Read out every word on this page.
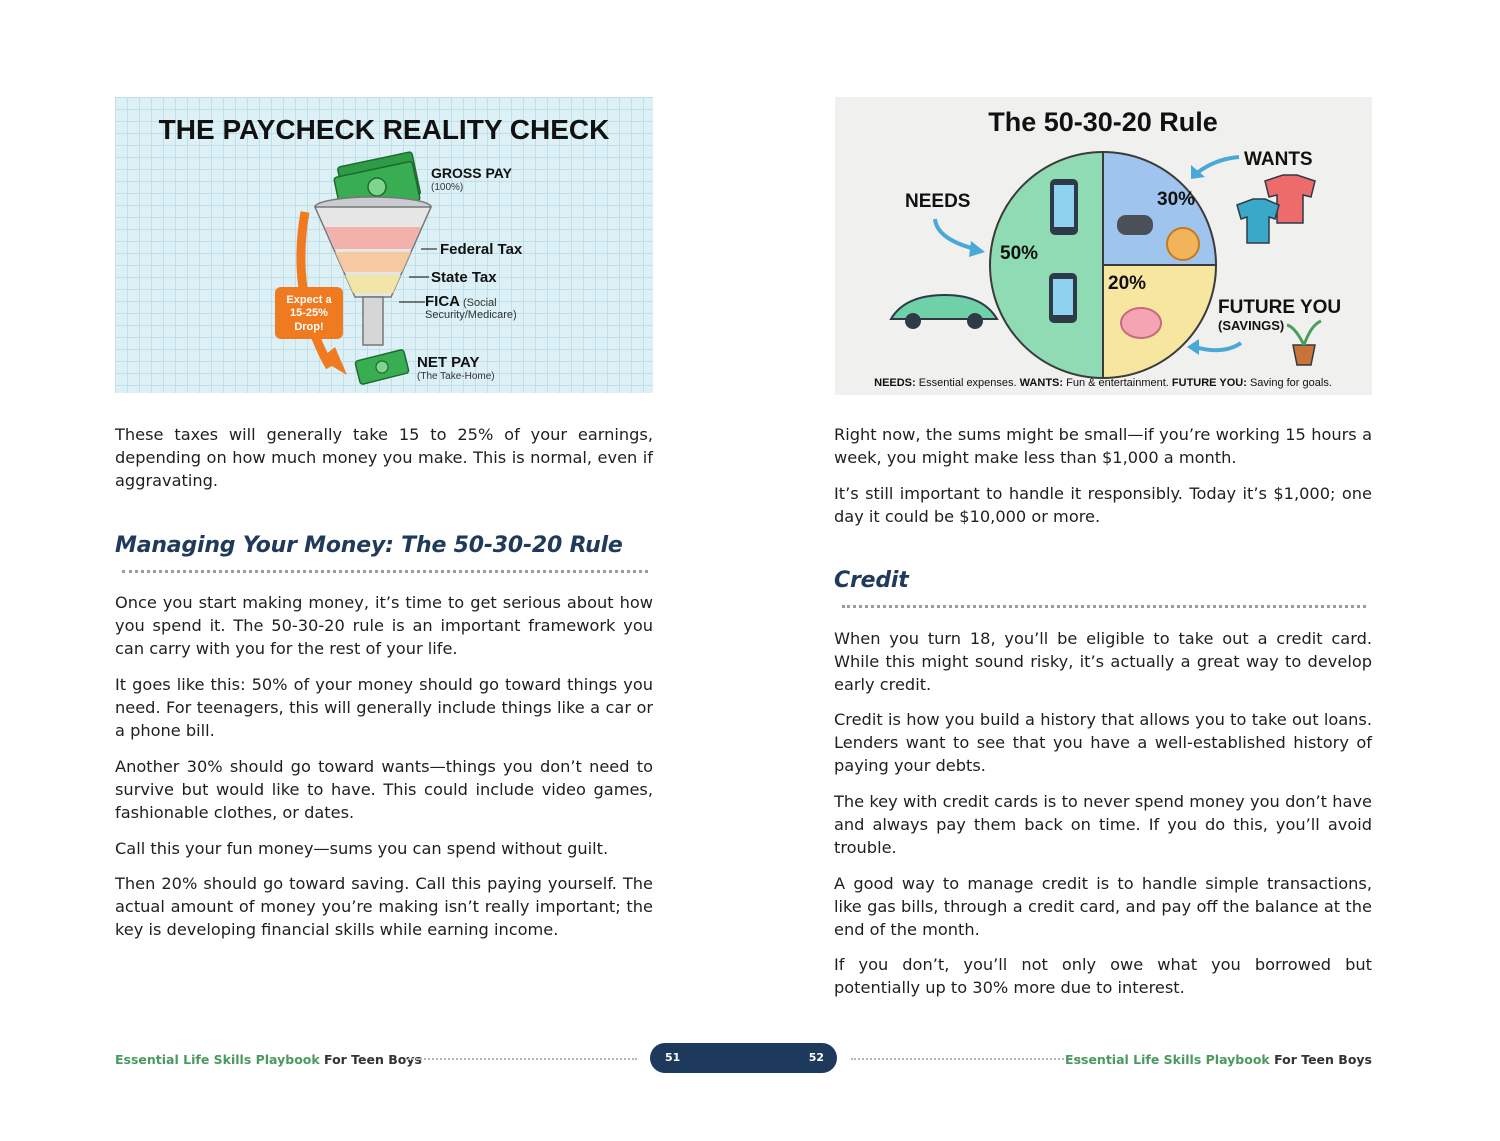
THE PAYCHECK REALITY CHECK
GROSS PAY
(100%)
Federal Tax
State Tax
FICA (Social
Security/Medicare)
Expect a
15-25%
Drop!
NET PAY
(The Take-Home)

These taxes will generally take 15 to 25% of your earnings, depending on how much money you make. This is normal, even if aggravating.

Managing Your Money: The 50-30-20 Rule

Once you start making money, it’s time to get serious about how you spend it. The 50-30-20 rule is an important framework you can carry with you for the rest of your life.

It goes like this: 50% of your money should go toward things you need. For teenagers, this will generally include things like a car or a phone bill.

Another 30% should go toward wants—things you don’t need to survive but would like to have. This could include video games, fashionable clothes, or dates.

Call this your fun money—sums you can spend without guilt.

Then 20% should go toward saving. Call this paying yourself. The actual amount of money you’re making isn’t really important; the key is developing financial skills while earning income.

The 50-30-20 Rule
50%
30%
20%
NEEDS
WANTS
FUTURE YOU
(SAVINGS)
NEEDS: Essential expenses. WANTS: Fun & entertainment. FUTURE YOU: Saving for goals.

Right now, the sums might be small—if you’re working 15 hours a week, you might make less than $1,000 a month.

It’s still important to handle it responsibly. Today it’s $1,000; one day it could be $10,000 or more.

Credit

When you turn 18, you’ll be eligible to take out a credit card. While this might sound risky, it’s actually a great way to develop early credit.

Credit is how you build a history that allows you to take out loans. Lenders want to see that you have a well-established history of paying your debts.

The key with credit cards is to never spend money you don’t have and always pay them back on time. If you do this, you’ll avoid trouble.

A good way to manage credit is to handle simple transactions, like gas bills, through a credit card, and pay off the balance at the end of the month.

If you don’t, you’ll not only owe what you borrowed but potentially up to 30% more due to interest.

Essential Life Skills Playbook For Teen Boys	51	52	Essential Life Skills Playbook For Teen Boys
